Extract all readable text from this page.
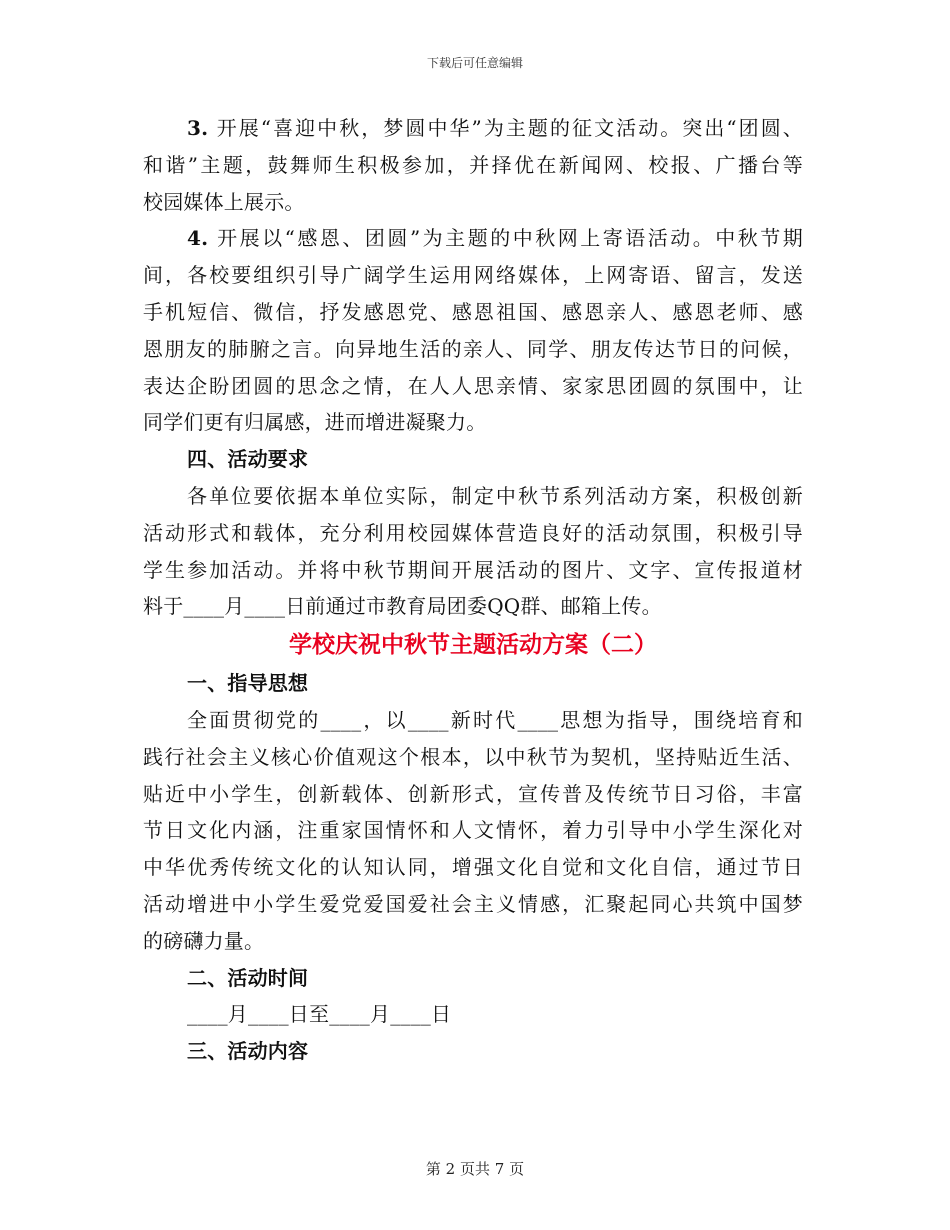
下载后可任意编辑
3. 开展“喜迎中秋，梦圆中华”为主题的征文活动。突出“团圆、
和谐”主题，鼓舞师生积极参加，并择优在新闻网、校报、广播台等
校园媒体上展示。
4. 开展以“感恩、团圆”为主题的中秋网上寄语活动。中秋节期
间，各校要组织引导广阔学生运用网络媒体，上网寄语、留言，发送
手机短信、微信，抒发感恩党、感恩祖国、感恩亲人、感恩老师、感
恩朋友的肺腑之言。向异地生活的亲人、同学、朋友传达节日的问候，
表达企盼团圆的思念之情，在人人思亲情、家家思团圆的氛围中，让
同学们更有归属感，进而增进凝聚力。
四、活动要求
各单位要依据本单位实际，制定中秋节系列活动方案，积极创新
活动形式和载体，充分利用校园媒体营造良好的活动氛围，积极引导
学生参加活动。并将中秋节期间开展活动的图片、文字、宣传报道材
料于____月____日前通过市教育局团委QQ群、邮箱上传。
学校庆祝中秋节主题活动方案（二）
一、指导思想
全面贯彻党的____，以____新时代____思想为指导，围绕培育和
践行社会主义核心价值观这个根本，以中秋节为契机，坚持贴近生活、
贴近中小学生，创新载体、创新形式，宣传普及传统节日习俗，丰富
节日文化内涵，注重家国情怀和人文情怀，着力引导中小学生深化对
中华优秀传统文化的认知认同，增强文化自觉和文化自信，通过节日
活动增进中小学生爱党爱国爱社会主义情感，汇聚起同心共筑中国梦
的磅礴力量。
二、活动时间
____月____日至____月____日
三、活动内容
第 2 页共 7 页
